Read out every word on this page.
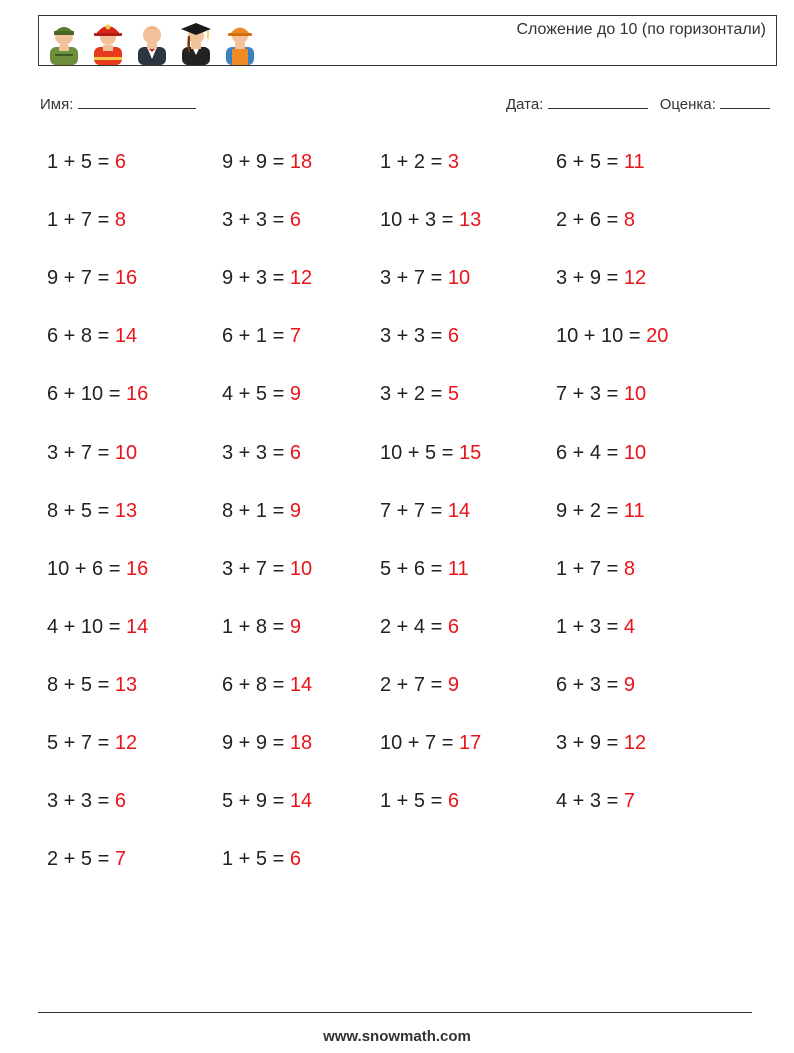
Сложение до 10 (по горизонтали)
Имя:	Дата:	Оценка:
1 + 5 = 6
1 + 7 = 8
9 + 7 = 16
6 + 8 = 14
6 + 10 = 16
3 + 7 = 10
8 + 5 = 13
10 + 6 = 16
4 + 10 = 14
8 + 5 = 13
5 + 7 = 12
3 + 3 = 6
2 + 5 = 7
9 + 9 = 18
3 + 3 = 6
9 + 3 = 12
6 + 1 = 7
4 + 5 = 9
3 + 3 = 6
8 + 1 = 9
3 + 7 = 10
1 + 8 = 9
6 + 8 = 14
9 + 9 = 18
5 + 9 = 14
1 + 5 = 6
1 + 2 = 3
10 + 3 = 13
3 + 7 = 10
3 + 3 = 6
3 + 2 = 5
10 + 5 = 15
7 + 7 = 14
5 + 6 = 11
2 + 4 = 6
2 + 7 = 9
10 + 7 = 17
1 + 5 = 6
6 + 5 = 11
2 + 6 = 8
3 + 9 = 12
10 + 10 = 20
7 + 3 = 10
6 + 4 = 10
9 + 2 = 11
1 + 7 = 8
1 + 3 = 4
6 + 3 = 9
3 + 9 = 12
4 + 3 = 7
www.snowmath.com
